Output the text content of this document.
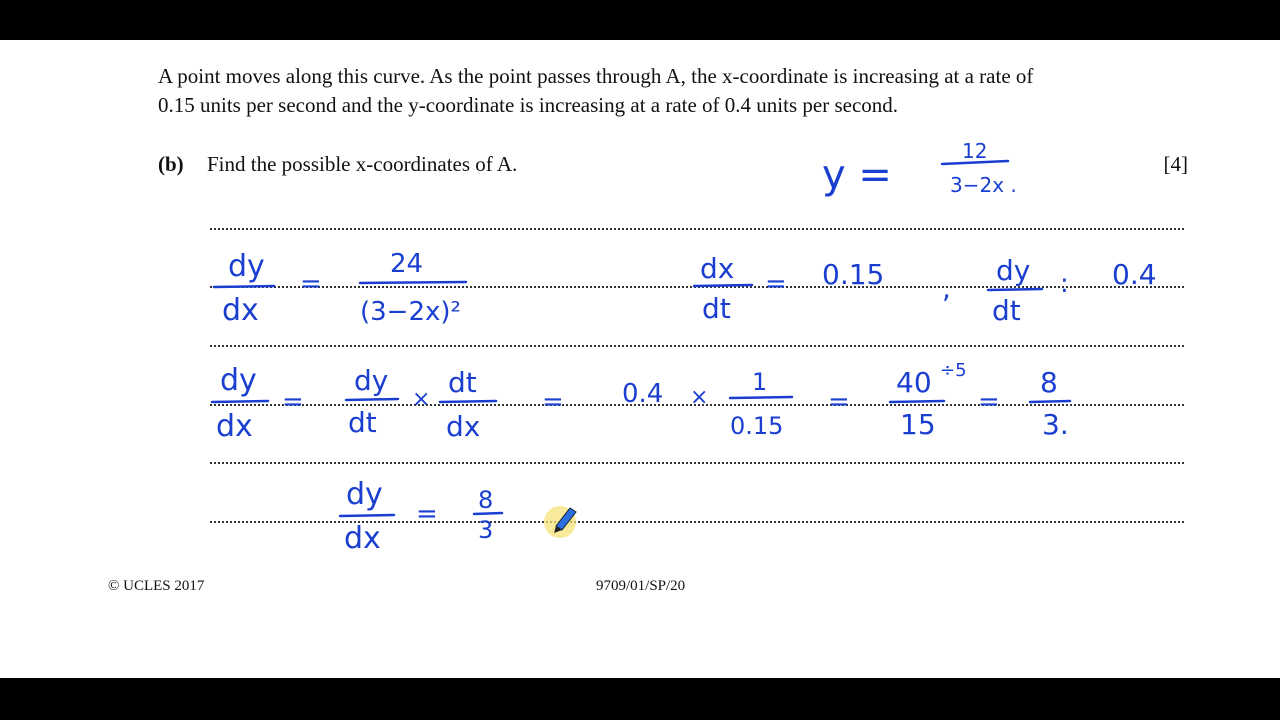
A point moves along this curve. As the point passes through A, the x-coordinate is increasing at a rate of
0.15 units per second and the y-coordinate is increasing at a rate of 0.4 units per second.
(b) Find the possible x-coordinates of A.	[4]
© UCLES 2017	9709/01/SP/20
y =
12
3−2x .
dy
dx
=
24
(3−2x)²
dx
dt
= 0.15 ,
dy
dt
: 0.4
dy
dx
=
dy
dt
×
dt
dx
= 0.4 ×
1
0.15
=
40 ÷5
15
=
8
3.
dy
dx
= 8
3
